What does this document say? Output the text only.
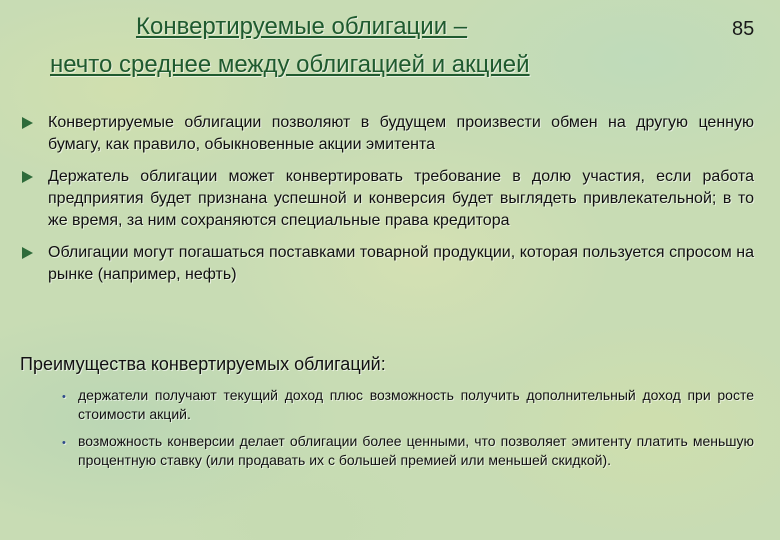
Конвертируемые облигации –
нечто среднее между облигацией и акцией
85
Конвертируемые облигации позволяют в будущем произвести обмен на другую ценную бумагу, как правило, обыкновенные акции эмитента
Держатель облигации может конвертировать требование в долю участия, если работа предприятия будет признана успешной и конверсия будет выглядеть привлекательной; в то же время, за ним сохраняются специальные права кредитора
Облигации могут погашаться поставками товарной продукции, которая пользуется спросом на рынке (например, нефть)
Преимущества конвертируемых облигаций:
• держатели получают текущий доход плюс возможность получить дополнительный доход при росте стоимости акций.
• возможность конверсии делает облигации более ценными, что позволяет эмитенту платить меньшую процентную ставку (или продавать их с большей премией или меньшей скидкой).
